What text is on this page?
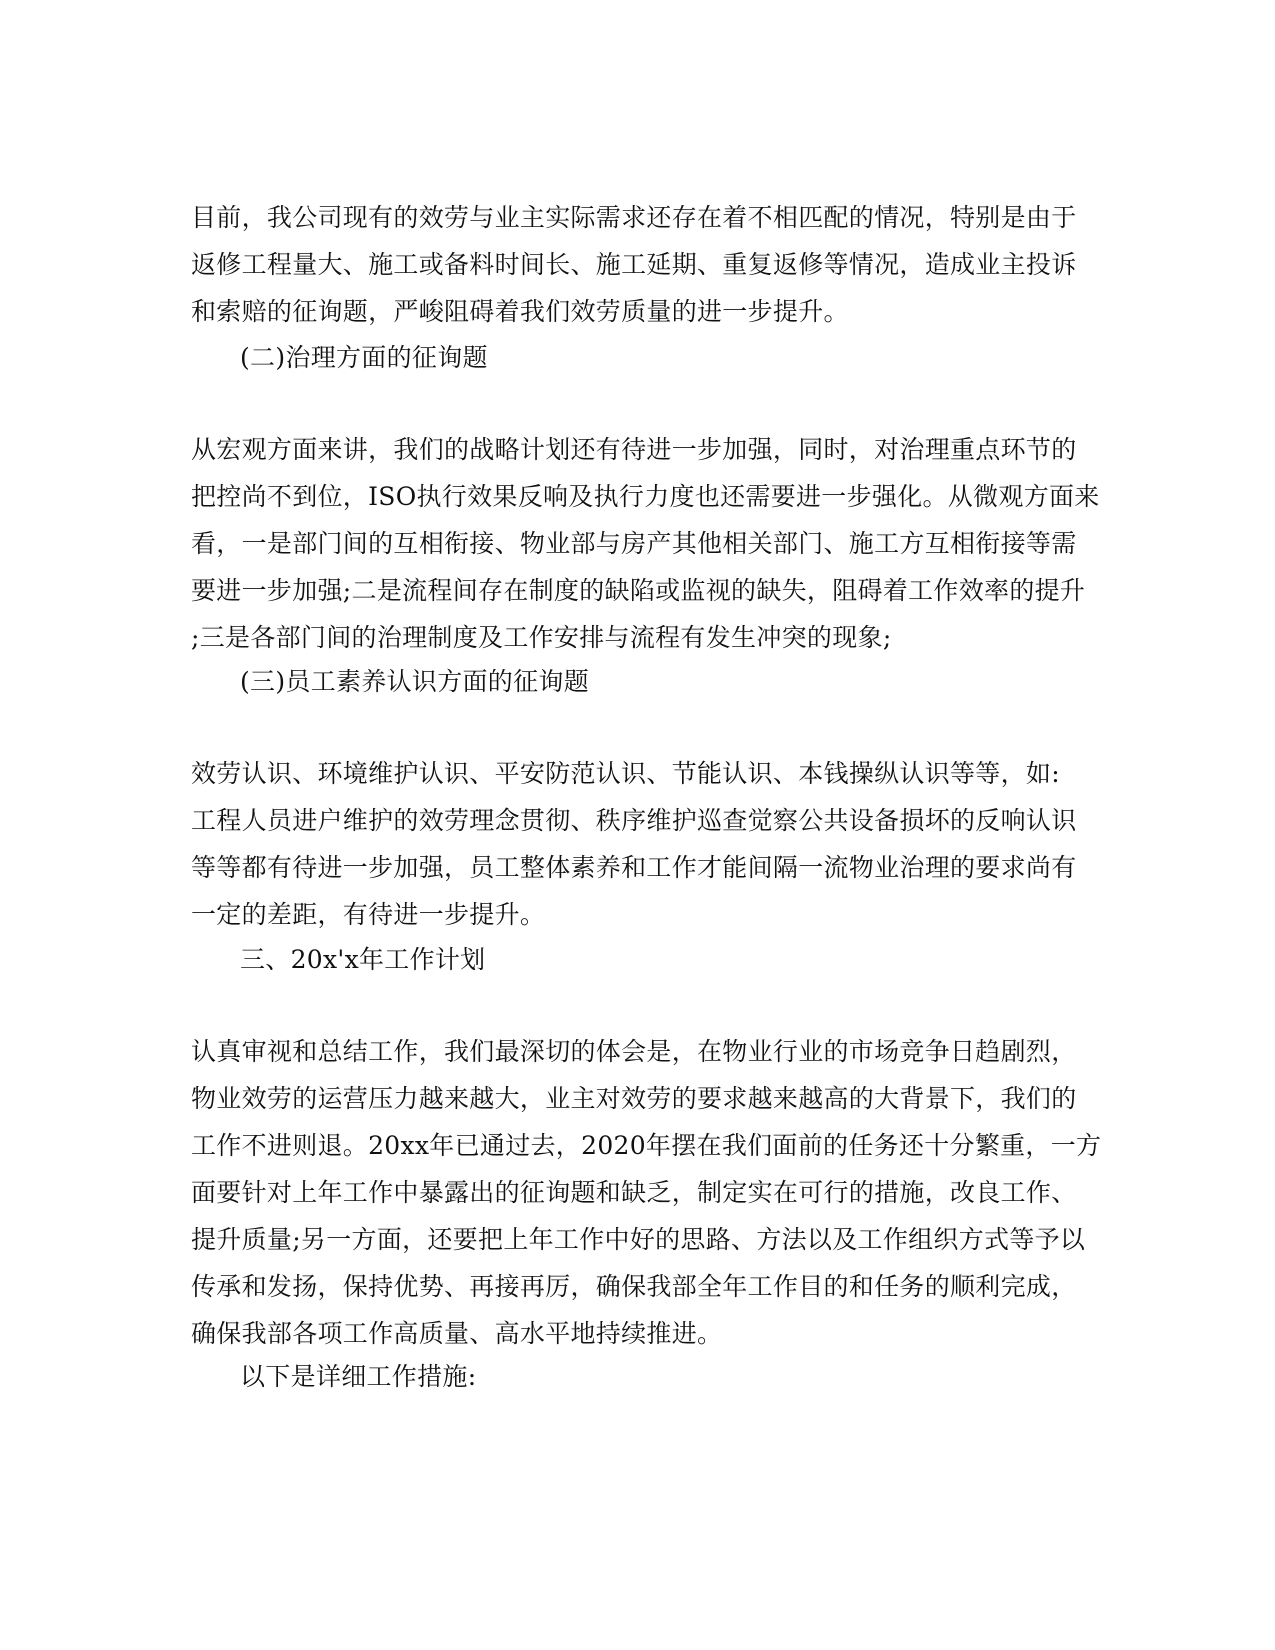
目前，我公司现有的效劳与业主实际需求还存在着不相匹配的情况，特别是由于
返修工程量大、施工或备料时间长、施工延期、重复返修等情况，造成业主投诉
和索赔的征询题，严峻阻碍着我们效劳质量的进一步提升。

(二)治理方面的征询题

从宏观方面来讲，我们的战略计划还有待进一步加强，同时，对治理重点环节的
把控尚不到位，ISO执行效果反响及执行力度也还需要进一步强化。从微观方面来
看，一是部门间的互相衔接、物业部与房产其他相关部门、施工方互相衔接等需
要进一步加强;二是流程间存在制度的缺陷或监视的缺失，阻碍着工作效率的提升
;三是各部门间的治理制度及工作安排与流程有发生冲突的现象;

(三)员工素养认识方面的征询题

效劳认识、环境维护认识、平安防范认识、节能认识、本钱操纵认识等等，如:
工程人员进户维护的效劳理念贯彻、秩序维护巡查觉察公共设备损坏的反响认识
等等都有待进一步加强，员工整体素养和工作才能间隔一流物业治理的要求尚有
一定的差距，有待进一步提升。

三、20x'x年工作计划

认真审视和总结工作，我们最深切的体会是，在物业行业的市场竞争日趋剧烈，
物业效劳的运营压力越来越大，业主对效劳的要求越来越高的大背景下，我们的
工作不进则退。20xx年已通过去，2020年摆在我们面前的任务还十分繁重，一方
面要针对上年工作中暴露出的征询题和缺乏，制定实在可行的措施，改良工作、
提升质量;另一方面，还要把上年工作中好的思路、方法以及工作组织方式等予以
传承和发扬，保持优势、再接再厉，确保我部全年工作目的和任务的顺利完成，
确保我部各项工作高质量、高水平地持续推进。

以下是详细工作措施:
